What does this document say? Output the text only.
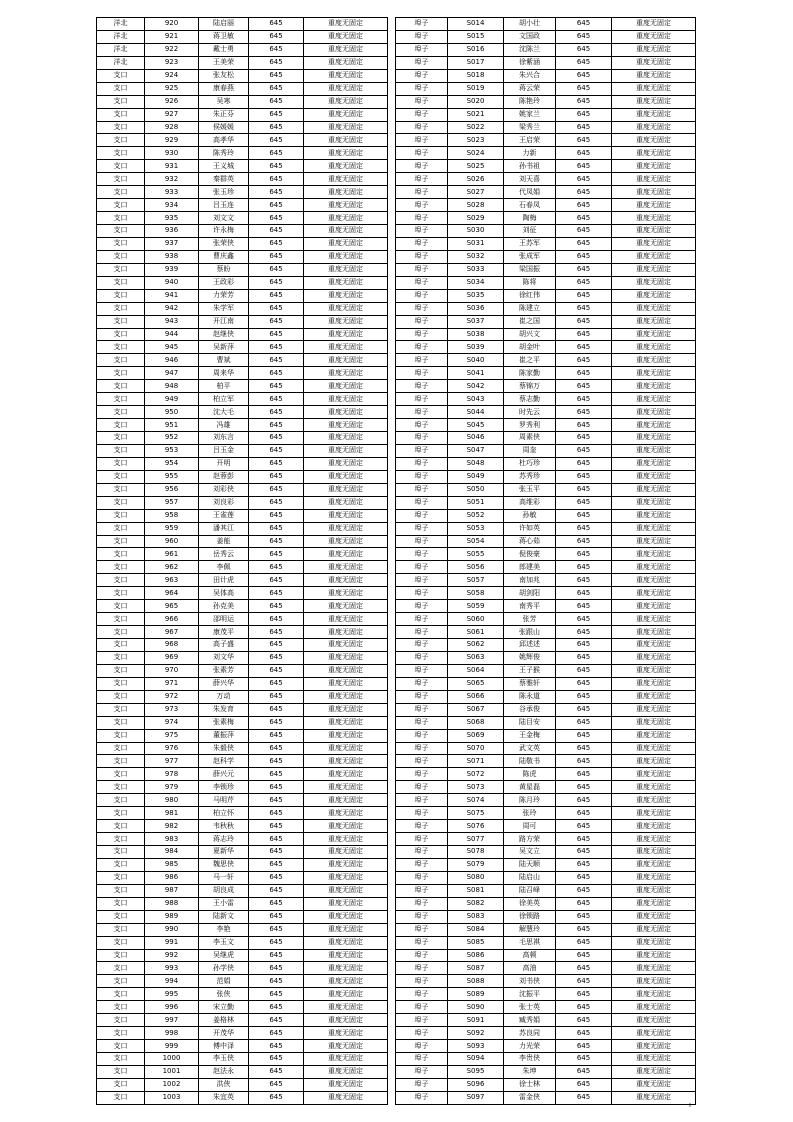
洋北	920	陆启丽	645	重度无固定
洋北	921	蒋卫敏	645	重度无固定
洋北	922	戴士勇	645	重度无固定
洋北	923	王美荣	645	重度无固定
支口	924	张友松	645	重度无固定
支口	925	康春燕	645	重度无固定
支口	926	吴寒	645	重度无固定
支口	927	朱正芬	645	重度无固定
支口	928	侯媛媛	645	重度无固定
支口	929	高孝华	645	重度无固定
支口	930	陈秀玲	645	重度无固定
支口	931	王义城	645	重度无固定
支口	932	秦群英	645	重度无固定
支口	933	张玉珍	645	重度无固定
支口	934	吕玉连	645	重度无固定
支口	935	刘文文	645	重度无固定
支口	936	许永梅	645	重度无固定
支口	937	张荣侠	645	重度无固定
支口	938	曹庆鑫	645	重度无固定
支口	939	蔡盼	645	重度无固定
支口	940	王政彩	645	重度无固定
支口	941	力荣芳	645	重度无固定
支口	942	朱学军	645	重度无固定
支口	943	开江南	645	重度无固定
支口	944	赵继侠	645	重度无固定
支口	945	吴新萍	645	重度无固定
支口	946	曹斌	645	重度无固定
支口	947	周来华	645	重度无固定
支口	948	柏平	645	重度无固定
支口	949	柏立军	645	重度无固定
支口	950	沈大毛	645	重度无固定
支口	951	冯雄	645	重度无固定
支口	952	刘东言	645	重度无固定
支口	953	吕玉金	645	重度无固定
支口	954	开明	645	重度无固定
支口	955	赵蓉彭	645	重度无固定
支口	956	刘彩侠	645	重度无固定
支口	957	刘良彩	645	重度无固定
支口	958	王雀莲	645	重度无固定
支口	959	潘其江	645	重度无固定
支口	960	姜能	645	重度无固定
支口	961	岳秀云	645	重度无固定
支口	962	李佩	645	重度无固定
支口	963	田计虎	645	重度无固定
支口	964	吴体高	645	重度无固定
支口	965	孙克美	645	重度无固定
支口	966	邵明运	645	重度无固定
支口	967	康茂平	645	重度无固定
支口	968	高子盛	645	重度无固定
支口	969	刘文华	645	重度无固定
支口	970	张素芳	645	重度无固定
支口	971	薛兴华	645	重度无固定
支口	972	万动	645	重度无固定
支口	973	朱发育	645	重度无固定
支口	974	张素梅	645	重度无固定
支口	975	董振萍	645	重度无固定
支口	976	朱毅侠	645	重度无固定
支口	977	赵科学	645	重度无固定
支口	978	薛兴元	645	重度无固定
支口	979	李锁珍	645	重度无固定
支口	980	马明芹	645	重度无固定
支口	981	柏立怀	645	重度无固定
支口	982	韦秋秋	645	重度无固定
支口	983	蒋志玲	645	重度无固定
支口	984	夏新华	645	重度无固定
支口	985	魏思侠	645	重度无固定
支口	986	马一轩	645	重度无固定
支口	987	胡良成	645	重度无固定
支口	988	王小雷	645	重度无固定
支口	989	陆新文	645	重度无固定
支口	990	李艳	645	重度无固定
支口	991	李玉文	645	重度无固定
支口	992	吴继虎	645	重度无固定
支口	993	孙学侠	645	重度无固定
支口	994	范娟	645	重度无固定
支口	995	张侠	645	重度无固定
支口	996	宋立勤	645	重度无固定
支口	997	姜格林	645	重度无固定
支口	998	开茂华	645	重度无固定
支口	999	傅中泽	645	重度无固定
支口	1000	李玉侠	645	重度无固定
支口	1001	赵法永	645	重度无固定
支口	1002	洪侠	645	重度无固定
支口	1003	朱宜英	645	重度无固定
埠子	S014	胡小壮	645	重度无固定
埠子	S015	文国政	645	重度无固定
埠子	S016	沈陈兰	645	重度无固定
埠子	S017	徐紫涵	645	重度无固定
埠子	S018	朱兴合	645	重度无固定
埠子	S019	蒋云荣	645	重度无固定
埠子	S020	陈艳玲	645	重度无固定
埠子	S021	姚家兰	645	重度无固定
埠子	S022	梁秀兰	645	重度无固定
埠子	S023	王启荣	645	重度无固定
埠子	S024	力新	645	重度无固定
埠子	S025	孙书祖	645	重度无固定
埠子	S026	刘天喜	645	重度无固定
埠子	S027	代凤娟	645	重度无固定
埠子	S028	石春凤	645	重度无固定
埠子	S029	陶梅	645	重度无固定
埠子	S030	刘征	645	重度无固定
埠子	S031	王苏军	645	重度无固定
埠子	S032	张成军	645	重度无固定
埠子	S033	梁国振	645	重度无固定
埠子	S034	陈将	645	重度无固定
埠子	S035	徐红伟	645	重度无固定
埠子	S036	陈建立	645	重度无固定
埠子	S037	崔之国	645	重度无固定
埠子	S038	胡兴文	645	重度无固定
埠子	S039	胡金叶	645	重度无固定
埠子	S040	崔之平	645	重度无固定
埠子	S041	陈家勤	645	重度无固定
埠子	S042	蔡锦万	645	重度无固定
埠子	S043	蔡志勤	645	重度无固定
埠子	S044	时先云	645	重度无固定
埠子	S045	罗秀利	645	重度无固定
埠子	S046	周素侠	645	重度无固定
埠子	S047	周奎	645	重度无固定
埠子	S048	杜巧珍	645	重度无固定
埠子	S049	苏秀珍	645	重度无固定
埠子	S050	张玉平	645	重度无固定
埠子	S051	高维彩	645	重度无固定
埠子	S052	孙敏	645	重度无固定
埠子	S053	许如英	645	重度无固定
埠子	S054	蒋心茹	645	重度无固定
埠子	S055	倪俊豪	645	重度无固定
埠子	S056	郎建美	645	重度无固定
埠子	S057	南加兆	645	重度无固定
埠子	S058	胡剑阳	645	重度无固定
埠子	S059	南秀平	645	重度无固定
埠子	S060	张芳	645	重度无固定
埠子	S061	张跟山	645	重度无固定
埠子	S062	邱述述	645	重度无固定
埠子	S063	姚辉俊	645	重度无固定
埠子	S064	王子猴	645	重度无固定
埠子	S065	蔡雅轩	645	重度无固定
埠子	S066	陈永道	645	重度无固定
埠子	S067	谷承俊	645	重度无固定
埠子	S068	陆目安	645	重度无固定
埠子	S069	王金梅	645	重度无固定
埠子	S070	武文英	645	重度无固定
埠子	S071	陆敬书	645	重度无固定
埠子	S072	陈虎	645	重度无固定
埠子	S073	黄星磊	645	重度无固定
埠子	S074	陈月玲	645	重度无固定
埠子	S075	张玲	645	重度无固定
埠子	S076	周可	645	重度无固定
埠子	S077	路方荣	645	重度无固定
埠子	S078	吴文立	645	重度无固定
埠子	S079	陆天顺	645	重度无固定
埠子	S080	陆启山	645	重度无固定
埠子	S081	陆召峰	645	重度无固定
埠子	S082	徐美英	645	重度无固定
埠子	S083	徐锁路	645	重度无固定
埠子	S084	解慧玲	645	重度无固定
埠子	S085	毛思祺	645	重度无固定
埠子	S086	高顿	645	重度无固定
埠子	S087	高油	645	重度无固定
埠子	S088	刘书侠	645	重度无固定
埠子	S089	沈振平	645	重度无固定
埠子	S090	张士英	645	重度无固定
埠子	S091	臧秀娟	645	重度无固定
埠子	S092	苏良同	645	重度无固定
埠子	S093	力光荣	645	重度无固定
埠子	S094	李贵侠	645	重度无固定
埠子	S095	朱坤	645	重度无固定
埠子	S096	徐士林	645	重度无固定
埠子	S097	雷金侠	645	重度无固定
ı
